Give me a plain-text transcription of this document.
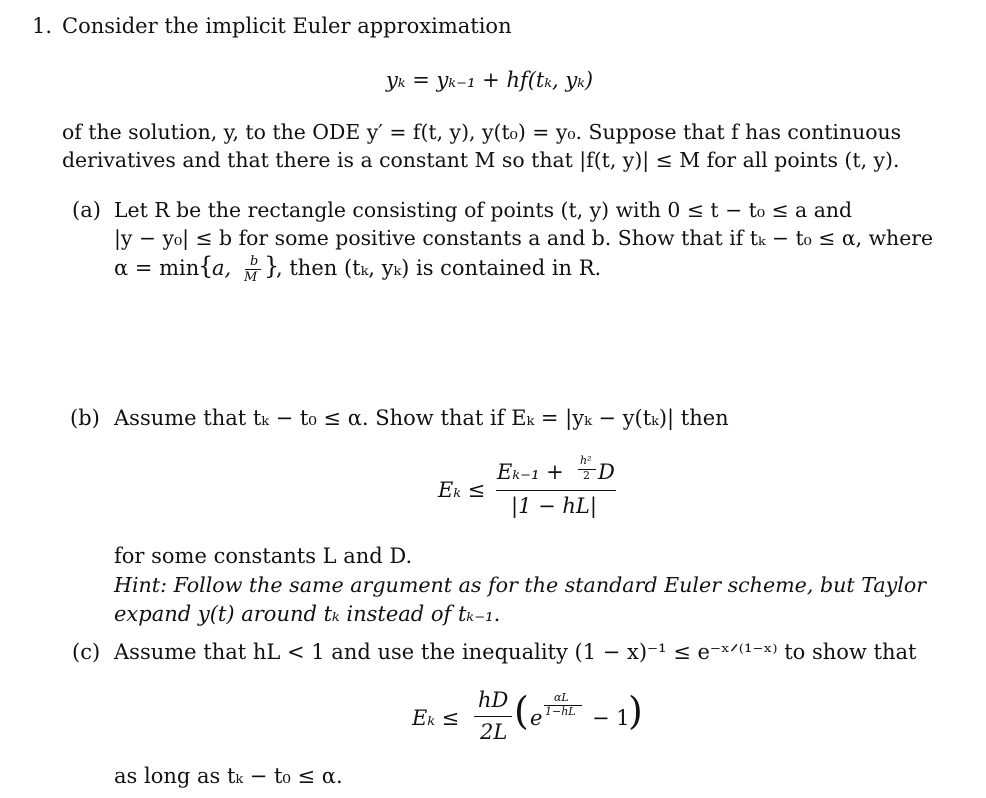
1. Consider the implicit Euler approximation
yₖ = yₖ₋₁ + hf(tₖ, yₖ)
of the solution, y, to the ODE y′ = f(t, y), y(t₀) = y₀. Suppose that f has continuous
derivatives and that there is a constant M so that |f(t, y)| ≤ M for all points (t, y).
(a) Let R be the rectangle consisting of points (t, y) with 0 ≤ t − t₀ ≤ a and
|y − y₀| ≤ b for some positive constants a and b. Show that if tₖ − t₀ ≤ α, where
α = min
{
a, b
M }
, then (tₖ, yₖ) is contained in R.
(b) Assume that tₖ − t₀ ≤ α. Show that if Eₖ = |yₖ − y(tₖ)| then
Eₖ ≤
Eₖ₋₁ + h²
2 D
|1 − hL|
for some constants L and D.
Hint: Follow the same argument as for the standard Euler scheme, but Taylor
expand y(t) around tₖ instead of tₖ₋₁.
(c) Assume that hL < 1 and use the inequality (1 − x)⁻¹ ≤ e⁻ˣᐟ⁽¹⁻ˣ⁾ to show that
Eₖ ≤
hD
2L ( e
αL
1−hL − 1
)
as long as tₖ − t₀ ≤ α.
